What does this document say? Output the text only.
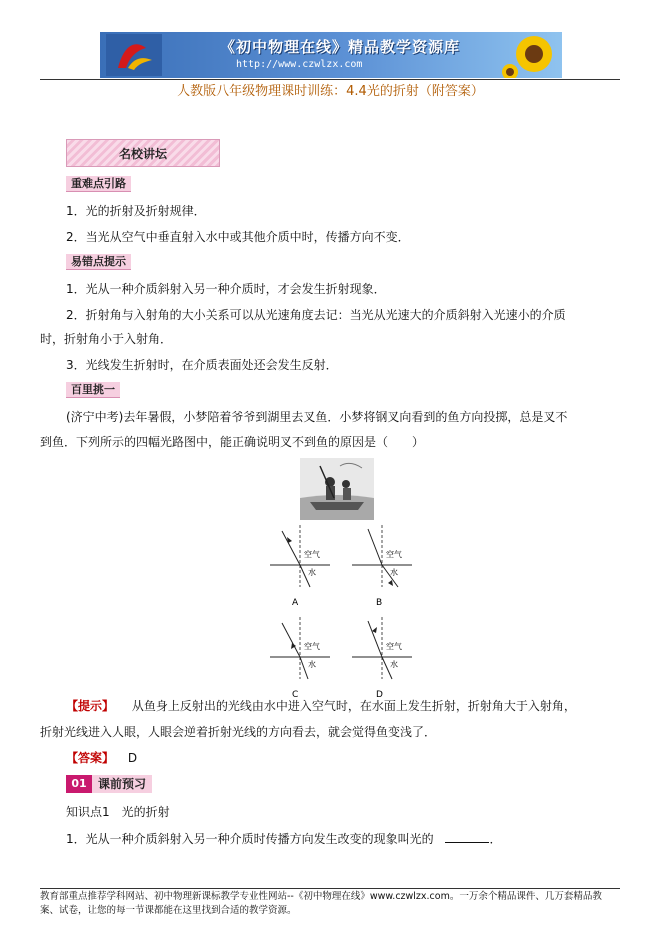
《初中物理在线》精品教学资源库
http://www.czwlzx.com
人教版八年级物理课时训练：4.4光的折射（附答案）
名校讲坛
重难点引路
1．光的折射及折射规律．
2．当光从空气中垂直射入水中或其他介质中时，传播方向不变．
易错点提示
1．光从一种介质斜射入另一种介质时，才会发生折射现象．
2．折射角与入射角的大小关系可以从光速角度去记：当光从光速大的介质斜射入光速小的介质
时，折射角小于入射角．
3．光线发生折射时，在介质表面处还会发生反射．
百里挑一
(济宁中考)去年暑假，小梦陪着爷爷到湖里去叉鱼．小梦将钢叉向看到的鱼方向投掷，总是叉不
到鱼．下列所示的四幅光路图中，能正确说明叉不到鱼的原因是（　　）
空气
水
A
空气
水
B
空气
水
C
空气
水
D
【提示】 从鱼身上反射出的光线由水中进入空气时，在水面上发生折射，折射角大于入射角，
折射光线进入人眼，人眼会逆着折射光线的方向看去，就会觉得鱼变浅了．
【答案】 D
01 课前预习
知识点1　光的折射
1．光从一种介质斜射入另一种介质时传播方向发生改变的现象叫光的	．
教育部重点推荐学科网站、初中物理新课标教学专业性网站--《初中物理在线》www.czwlzx.com。一万余个精品课件、几万套精品教
案、试卷，让您的每一节课都能在这里找到合适的教学资源。
